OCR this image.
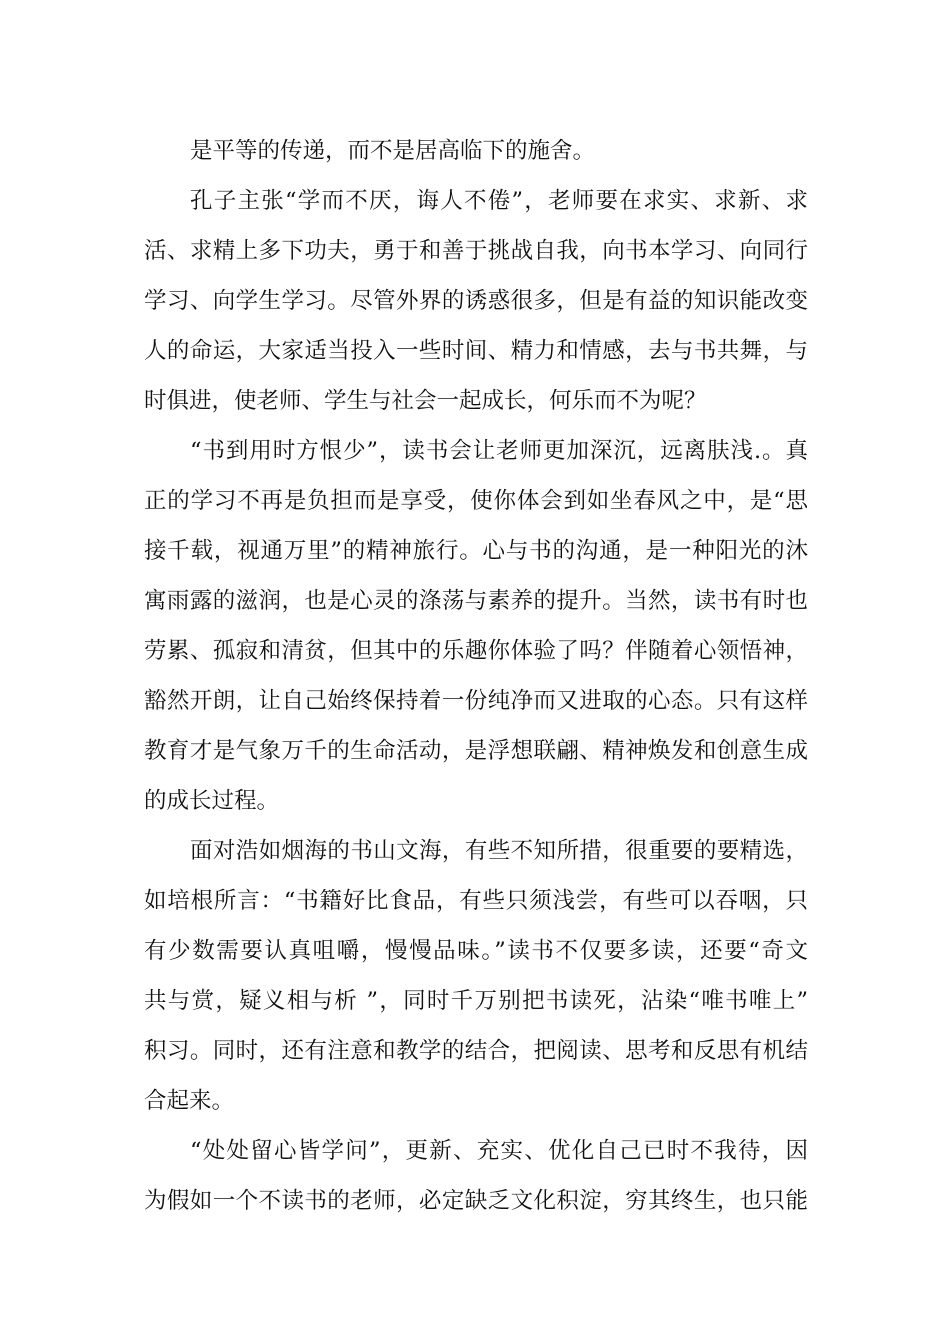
是平等的传递，而不是居高临下的施舍。
孔子主张“学而不厌，诲人不倦”，老师要在求实、求新、求
活、求精上多下功夫，勇于和善于挑战自我，向书本学习、向同行
学习、向学生学习。尽管外界的诱惑很多，但是有益的知识能改变
人的命运，大家适当投入一些时间、精力和情感，去与书共舞，与
时俱进，使老师、学生与社会一起成长，何乐而不为呢？
“书到用时方恨少”，读书会让老师更加深沉，远离肤浅.。真
正的学习不再是负担而是享受，使你体会到如坐春风之中，是“思
接千载，视通万里”的精神旅行。心与书的沟通，是一种阳光的沐
寓雨露的滋润，也是心灵的涤荡与素养的提升。当然，读书有时也
劳累、孤寂和清贫，但其中的乐趣你体验了吗？伴随着心领悟神，
豁然开朗，让自己始终保持着一份纯净而又进取的心态。只有这样
教育才是气象万千的生命活动，是浮想联翩、精神焕发和创意生成
的成长过程。
面对浩如烟海的书山文海，有些不知所措，很重要的要精选，
如培根所言：“书籍好比食品，有些只须浅尝，有些可以吞咽，只
有少数需要认真咀嚼，慢慢品味。”读书不仅要多读，还要“奇文
共与赏，疑义相与析 ”，同时千万别把书读死，沾染“唯书唯上”
积习。同时，还有注意和教学的结合，把阅读、思考和反思有机结
合起来。
“处处留心皆学问”，更新、充实、优化自己已时不我待，因
为假如一个不读书的老师，必定缺乏文化积淀，穷其终生，也只能
